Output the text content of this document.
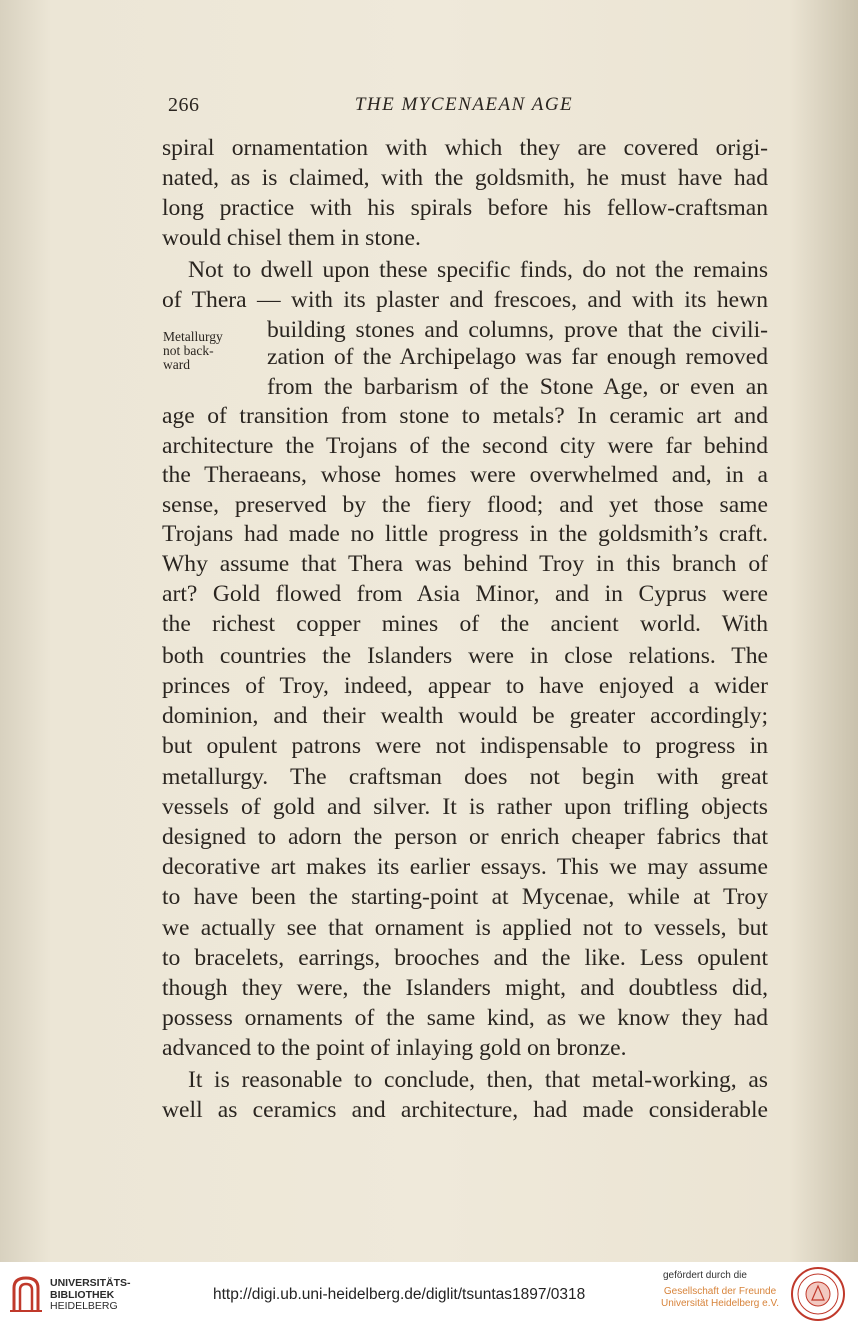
266	THE MYCENAEAN AGE
Metallurgy
not back-
ward
spiral ornamentation with which they are covered origi-
nated, as is claimed, with the goldsmith, he must have had
long practice with his spirals before his fellow-craftsman
would chisel them in stone.
Not to dwell upon these specific finds, do not the remains
of Thera — with its plaster and frescoes, and with its hewn
building stones and columns, prove that the civili-
zation of the Archipelago was far enough removed
from the barbarism of the Stone Age, or even an
age of transition from stone to metals? In ceramic art and
architecture the Trojans of the second city were far behind
the Theraeans, whose homes were overwhelmed and, in a
sense, preserved by the fiery flood; and yet those same
Trojans had made no little progress in the goldsmith’s craft.
Why assume that Thera was behind Troy in this branch of
art? Gold flowed from Asia Minor, and in Cyprus were
the richest copper mines of the ancient world. With
both countries the Islanders were in close relations. The
princes of Troy, indeed, appear to have enjoyed a wider
dominion, and their wealth would be greater accordingly;
but opulent patrons were not indispensable to progress in
metallurgy. The craftsman does not begin with great
vessels of gold and silver. It is rather upon trifling objects
designed to adorn the person or enrich cheaper fabrics that
decorative art makes its earlier essays. This we may assume
to have been the starting-point at Mycenae, while at Troy
we actually see that ornament is applied not to vessels, but
to bracelets, earrings, brooches and the like. Less opulent
though they were, the Islanders might, and doubtless did,
possess ornaments of the same kind, as we know they had
advanced to the point of inlaying gold on bronze.
It is reasonable to conclude, then, that metal-working, as
well as ceramics and architecture, had made considerable
UNIVERSITÄTS-
BIBLIOTHEK
HEIDELBERG
http://digi.ub.uni-heidelberg.de/diglit/tsuntas1897/0318
gefördert durch die
Gesellschaft der Freunde
Universität Heidelberg e.V.
